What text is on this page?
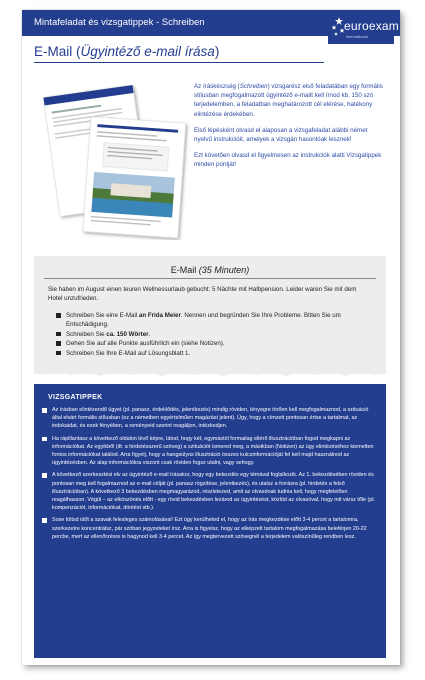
Mintafeladat és vizsgatippek - Schreiben	euroexam
international
E-Mail (Ügyintéző e-mail írása)

Az íráskészség (Schreiben) vizsgarész első feladatában egy formális stílusban megfogalmazott ügyintéző e-mailt kell írnod kb. 150 szó terjedelemben, a feladatban meghatározott cél elérése, hatékony elintézése érdekében.

Első lépésként olvasd el alaposan a vizsgafeladat alábbi német nyelvű instrukcióit, amelyek a vizsgán hasonlóak lesznek!

Ezt követően olvasd el figyelmesen az instrukciók alatti Vizsgatippek minden pontját!

E-Mail (35 Minuten)
Sie haben im August einen teuren Wellnessurlaub gebucht: 5 Nächte mit Halbpension. Leider waren Sie mit dem Hotel unzufrieden.
Schreiben Sie eine E-Mail an Frida Meier. Nennen und begründen Sie Ihre Probleme. Bitten Sie um Entschädigung.
Schreiben Sie ca. 150 Wörter.
Gehen Sie auf alle Punkte ausführlich ein (siehe Notizen).
Schreiben Sie Ihre E-Mail auf Lösungsblatt 1.
VIZSGATIPPEK
Az írásban elintézendő ügyet (pl. panasz, érdeklődés, jelentkezés) mindig röviden, lényegre törően kell megfogalmaznod, a szituáció által elvárt formális stílusban (ez a németben egyértelműen magázást jelent). Úgy, hogy a címzett pontosan értse a tartalmat, az indokaidat, és ezek fényében, a reményeid szerint reagáljon, intézkedjen.
Ha rápillantasz a következő oldalon lévő képre, látod, hogy két, egymástól formailag eltérő illusztrációban fogod megkapni az információkat. Az egyikből (itt: a hirdetésszerű szöveg) a szituációt ismered meg, a másikban (Notizen) az ügy elintézéséhez kiemelten fontos információkat találod. Arra figyelj, hogy a hangsúlyos illusztráció összes kulcsinformációját fel kell majd használnod az ügyintézésben. Az alap információkra viszont csak röviden fogsz utalni, vagy sehogy.
A következő szerkesztési elv az ügyintéző e-mail írásakor, hogy egy bekezdés egy témával foglalkozik. Az 1. bekezdésében röviden és pontosan meg kell fogalmaznod az e-mail célját (pl. panasz rögzítése, jelentkezés), és utalsz a forrásra (pl. hirdetés a felső illusztrációban). A következő 3 bekezdésben megmagyarázod, részletezed, amit az olvasónak tudnia kell, hogy megfelelően reagálhasson. Végül – az elköszönés előtt - egy rövid bekezdésben lezárod az ügyintézést, közlöd az olvasóval, hogy mit vársz tőle (pl. kompenzációt, információkat, döntést stb.).
Sose töltsd időt a szavak felesleges számolásával! Ezt úgy kerülheted el, hogy az írás megkezdése előtt 3-4 percet a tartalomra, szerkezetre koncentrálsz, pár szóban jegyzeteket írsz. Arra is figyelsz, hogy az elképzelt tartalom megfogalmazása beleférjen 20-22 percbe, mert az ellenőrzésre is hagynod kell 3-4 percet. Az így megtervezett szövegnél a terjedelem valószínűleg rendben lesz.
